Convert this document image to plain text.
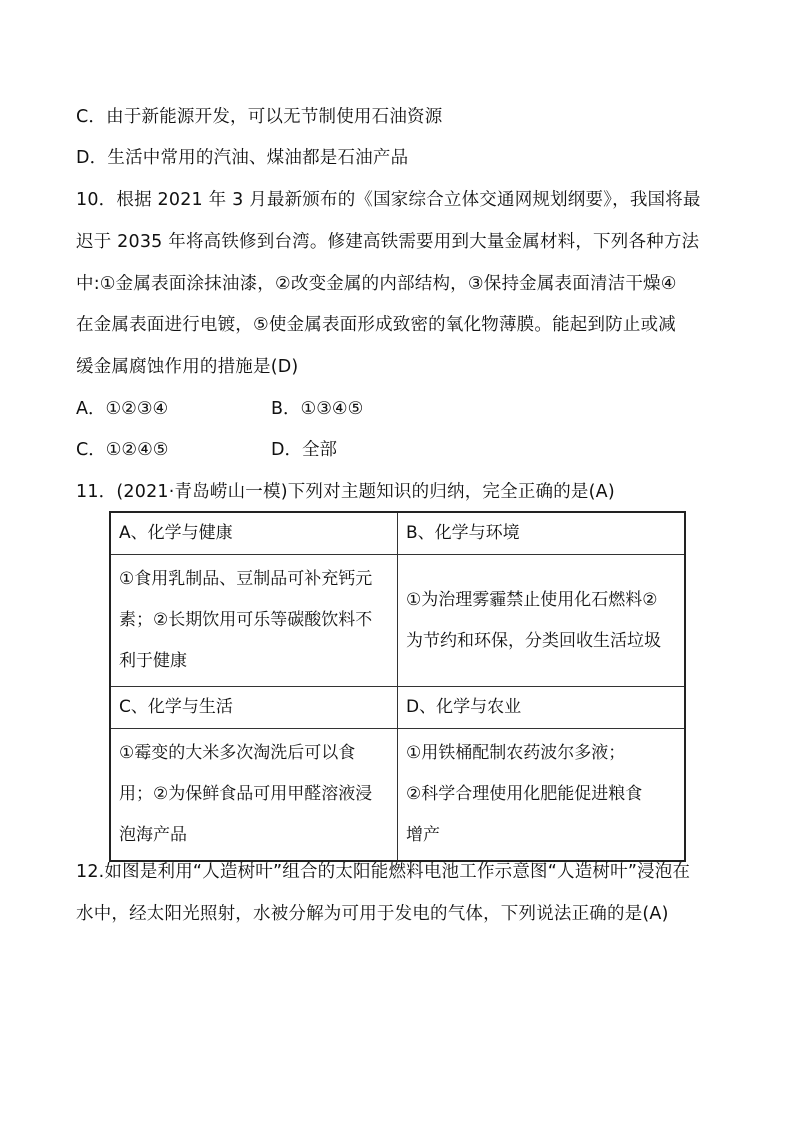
C．由于新能源开发，可以无节制使用石油资源
D．生活中常用的汽油、煤油都是石油产品
10．根据 2021 年 3 月最新颁布的《国家综合立体交通网规划纲要》，我国将最
迟于 2035 年将高铁修到台湾。修建高铁需要用到大量金属材料，下列各种方法
中:①金属表面涂抹油漆，②改变金属的内部结构，③保持金属表面清洁干燥④
在金属表面进行电镀，⑤使金属表面形成致密的氧化物薄膜。能起到防止或减
缓金属腐蚀作用的措施是(D)
A．①②③④	B．①③④⑤
C．①②④⑤	D．全部
11．(2021·青岛崂山一模)下列对主题知识的归纳，完全正确的是(A)
A、化学与健康	B、化学与环境

①食用乳制品、豆制品可补充钙元
素；②长期饮用可乐等碳酸饮料不
利于健康	①为治理雾霾禁止使用化石燃料②
为节约和环保，分类回收生活垃圾

C、化学与生活	D、化学与农业

①霉变的大米多次淘洗后可以食
用；②为保鲜食品可用甲醛溶液浸
泡海产品	①用铁桶配制农药波尔多液；
②科学合理使用化肥能促进粮食
增产
12.如图是利用“人造树叶”组合的太阳能燃料电池工作示意图“人造树叶”浸泡在
水中，经太阳光照射，水被分解为可用于发电的气体，下列说法正确的是(A)
